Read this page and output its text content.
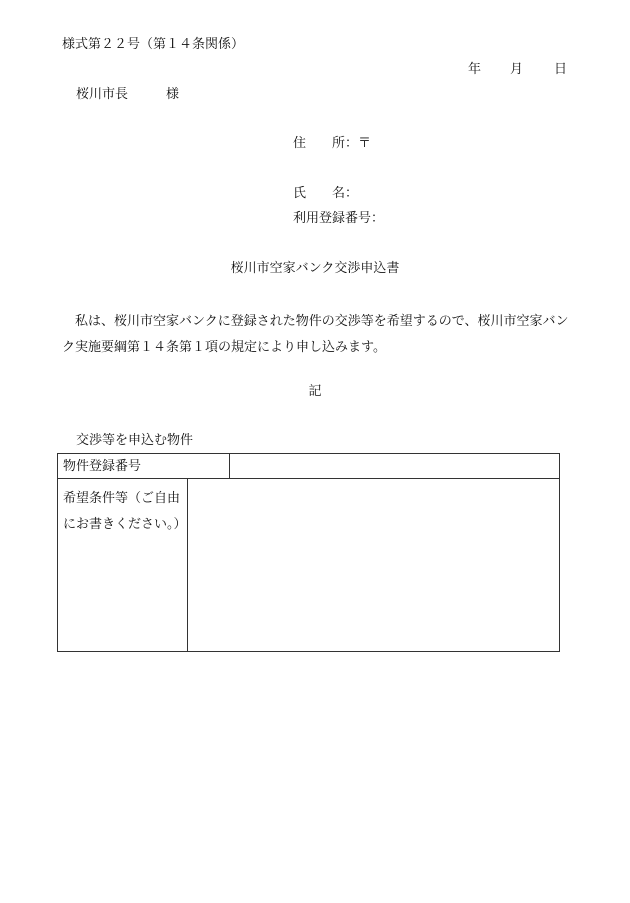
様式第２２号（第１４条関係）
年 月 日
桜川市長	様
住　　所：〒
氏　　名：
利用登録番号：
桜川市空家バンク交渉申込書
私は、桜川市空家バンクに登録された物件の交渉等を希望するので、桜川市空家バンク実施要綱第１４条第１項の規定により申し込みます。
記
交渉等を申込む物件
物件登録番号
希望条件等（ご自由にお書きください。）
